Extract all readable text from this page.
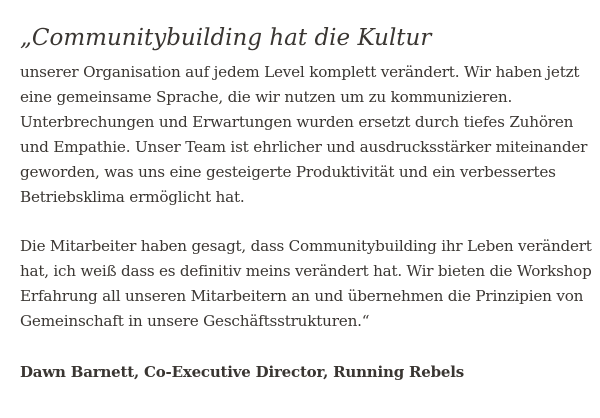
„Communitybuilding hat die Kultur

unserer Organisation auf jedem Level komplett verändert. Wir haben jetzt
eine gemeinsame Sprache, die wir nutzen um zu kommunizieren.
Unterbrechungen und Erwartungen wurden ersetzt durch tiefes Zuhören
und Empathie. Unser Team ist ehrlicher und ausdrucksstärker miteinander
geworden, was uns eine gesteigerte Produktivität und ein verbessertes
Betriebsklima ermöglicht hat.

Die Mitarbeiter haben gesagt, dass Communitybuilding ihr Leben verändert
hat, ich weiß dass es definitiv meins verändert hat. Wir bieten die Workshop
Erfahrung all unseren Mitarbeitern an und übernehmen die Prinzipien von
Gemeinschaft in unsere Geschäftsstrukturen.“

Dawn Barnett, Co-Executive Director, Running Rebels
